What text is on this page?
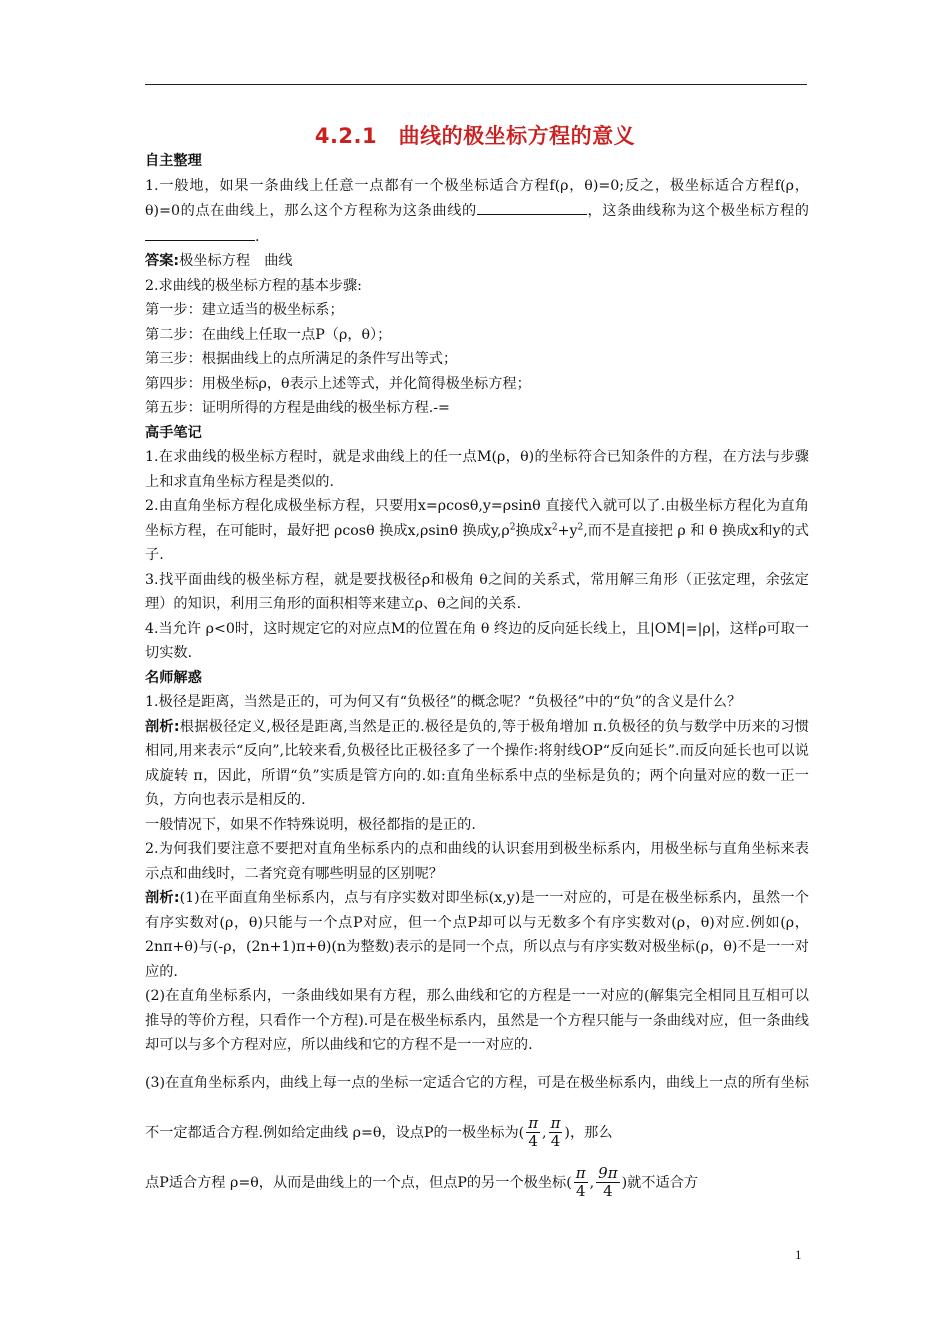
4.2.1　曲线的极坐标方程的意义

自主整理

1.一般地，如果一条曲线上任意一点都有一个极坐标适合方程f(ρ，θ)=0;反之，极坐标适合方程f(ρ，θ)=0的点在曲线上，那么这个方程称为这条曲线的	，这条曲线称为这个极坐标方程的.

答案:极坐标方程　曲线

2.求曲线的极坐标方程的基本步骤:

第一步：建立适当的极坐标系；

第二步：在曲线上任取一点P（ρ，θ）；

第三步：根据曲线上的点所满足的条件写出等式；

第四步：用极坐标ρ，θ表示上述等式，并化简得极坐标方程；

第五步：证明所得的方程是曲线的极坐标方程.-=

高手笔记

1.在求曲线的极坐标方程时，就是求曲线上的任一点M(ρ，θ)的坐标符合已知条件的方程，在方法与步骤上和求直角坐标方程是类似的.

2.由直角坐标方程化成极坐标方程，只要用x=ρcosθ,y=ρsinθ 直接代入就可以了.由极坐标方程化为直角坐标方程，在可能时，最好把 ρcosθ 换成x,ρsinθ 换成$y,\rho^2$换成$x^2+y^2$,而不是直接把 ρ 和 θ 换成x和y的式子.

3.找平面曲线的极坐标方程，就是要找极径ρ和极角 θ之间的关系式，常用解三角形（正弦定理，余弦定理）的知识，利用三角形的面积相等来建立ρ、θ之间的关系.

4.当允许 ρ<0时，这时规定它的对应点M的位置在角 θ 终边的反向延长线上，且|OM|=|ρ|，这样ρ可取一切实数.

名师解惑

1.极径是距离，当然是正的，可为何又有“负极径”的概念呢？“负极径”中的“负”的含义是什么？

剖析:根据极径定义,极径是距离,当然是正的.极径是负的,等于极角增加 π.负极径的负与数学中历来的习惯相同,用来表示“反向”,比较来看,负极径比正极径多了一个操作:将射线OP“反向延长”.而反向延长也可以说成旋转 π，因此，所谓“负”实质是管方向的.如:直角坐标系中点的坐标是负的；两个向量对应的数一正一负，方向也表示是相反的.

一般情况下，如果不作特殊说明，极径都指的是正的.

2.为何我们要注意不要把对直角坐标系内的点和曲线的认识套用到极坐标系内，用极坐标与直角坐标来表示点和曲线时，二者究竟有哪些明显的区别呢？

剖析:(1)在平面直角坐标系内，点与有序实数对即坐标(x,y)是一一对应的，可是在极坐标系内，虽然一个有序实数对(ρ，θ)只能与一个点P对应，但一个点P却可以与无数多个有序实数对(ρ，θ)对应.例如(ρ，2nπ+θ)与(-ρ，(2n+1)π+θ)(n为整数)表示的是同一个点，所以点与有序实数对极坐标(ρ，θ)不是一一对应的.

(2)在直角坐标系内，一条曲线如果有方程，那么曲线和它的方程是一一对应的(解集完全相同且互相可以推导的等价方程，只看作一个方程).可是在极坐标系内，虽然是一个方程只能与一条曲线对应，但一条曲线却可以与多个方程对应，所以曲线和它的方程不是一一对应的.

(3)在直角坐标系内，曲线上每一点的坐标一定适合它的方程，可是在极坐标系内，曲线上一点的所有坐标不一定都适合方程.例如给定曲线 ρ=θ，设点P的一极坐标为( $\frac{\pi}{4}$ , $\frac{\pi}{4}$ )，那么
点P适合方程 ρ=θ，从而是曲线上的一个点，但点P的另一个极坐标( $\frac{\pi}{4}$ , $\frac{9\pi}{4}$ )就不适合方

1
